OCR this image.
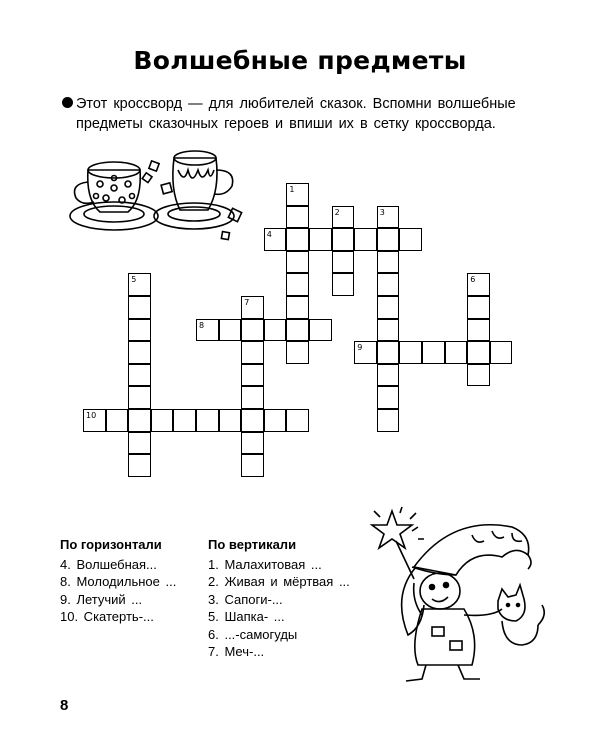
Волшебные предметы
Этот кроссворд — для любителей сказок. Вспомни волшебные
предметы сказочных героев и впиши их в сетку кроссворда.
1
2	3
4
5	6
7
8
9
10
По горизонтали
4. Волшебная...
8. Молодильное ...
9. Летучий ...
10. Скатерть-...
По вертикали
1. Малахитовая ...
2. Живая и мёртвая ...
3. Сапоги-...
5. Шапка- ...
6. ...-самогуды
7. Меч-...
8
